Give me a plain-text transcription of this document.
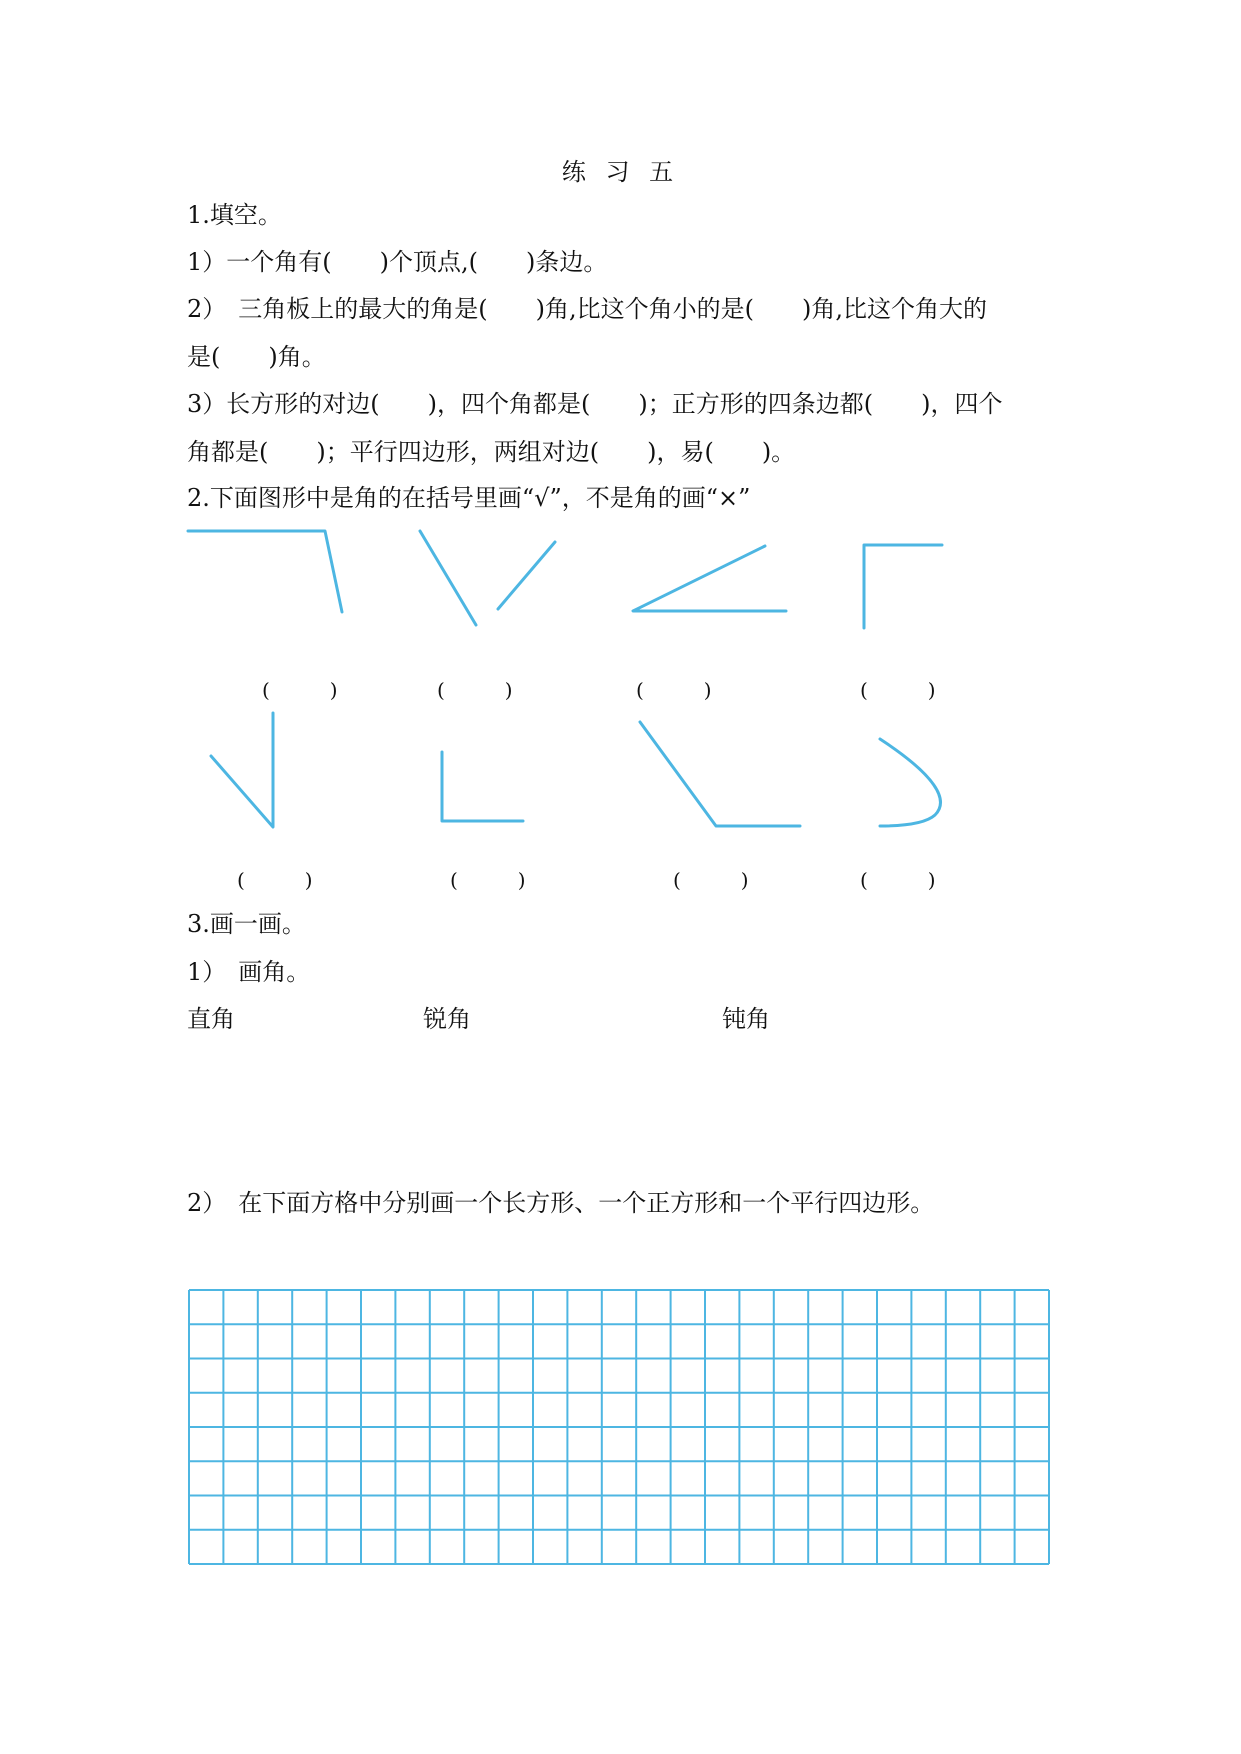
练 习 五
1.填空。
1）一个角有(　　)个顶点,(　　)条边。
2）　三角板上的最大的角是(　　)角,比这个角小的是(　　)角,比这个角大的
是(　　)角。
3）长方形的对边(　　)，四个角都是(　　)；正方形的四条边都(　　)，四个
角都是(　　)；平行四边形，两组对边(　　)，易(　　)。
2.下面图形中是角的在括号里画“√”，不是角的画“×”
(　　　)	(　　　)	(　　　)	(　　　)
(　　　)	(　　　)	(　　　)	(　　　)
3.画一画。
1）　画角。
直角	锐角	钝角
2）　在下面方格中分别画一个长方形、一个正方形和一个平行四边形。
